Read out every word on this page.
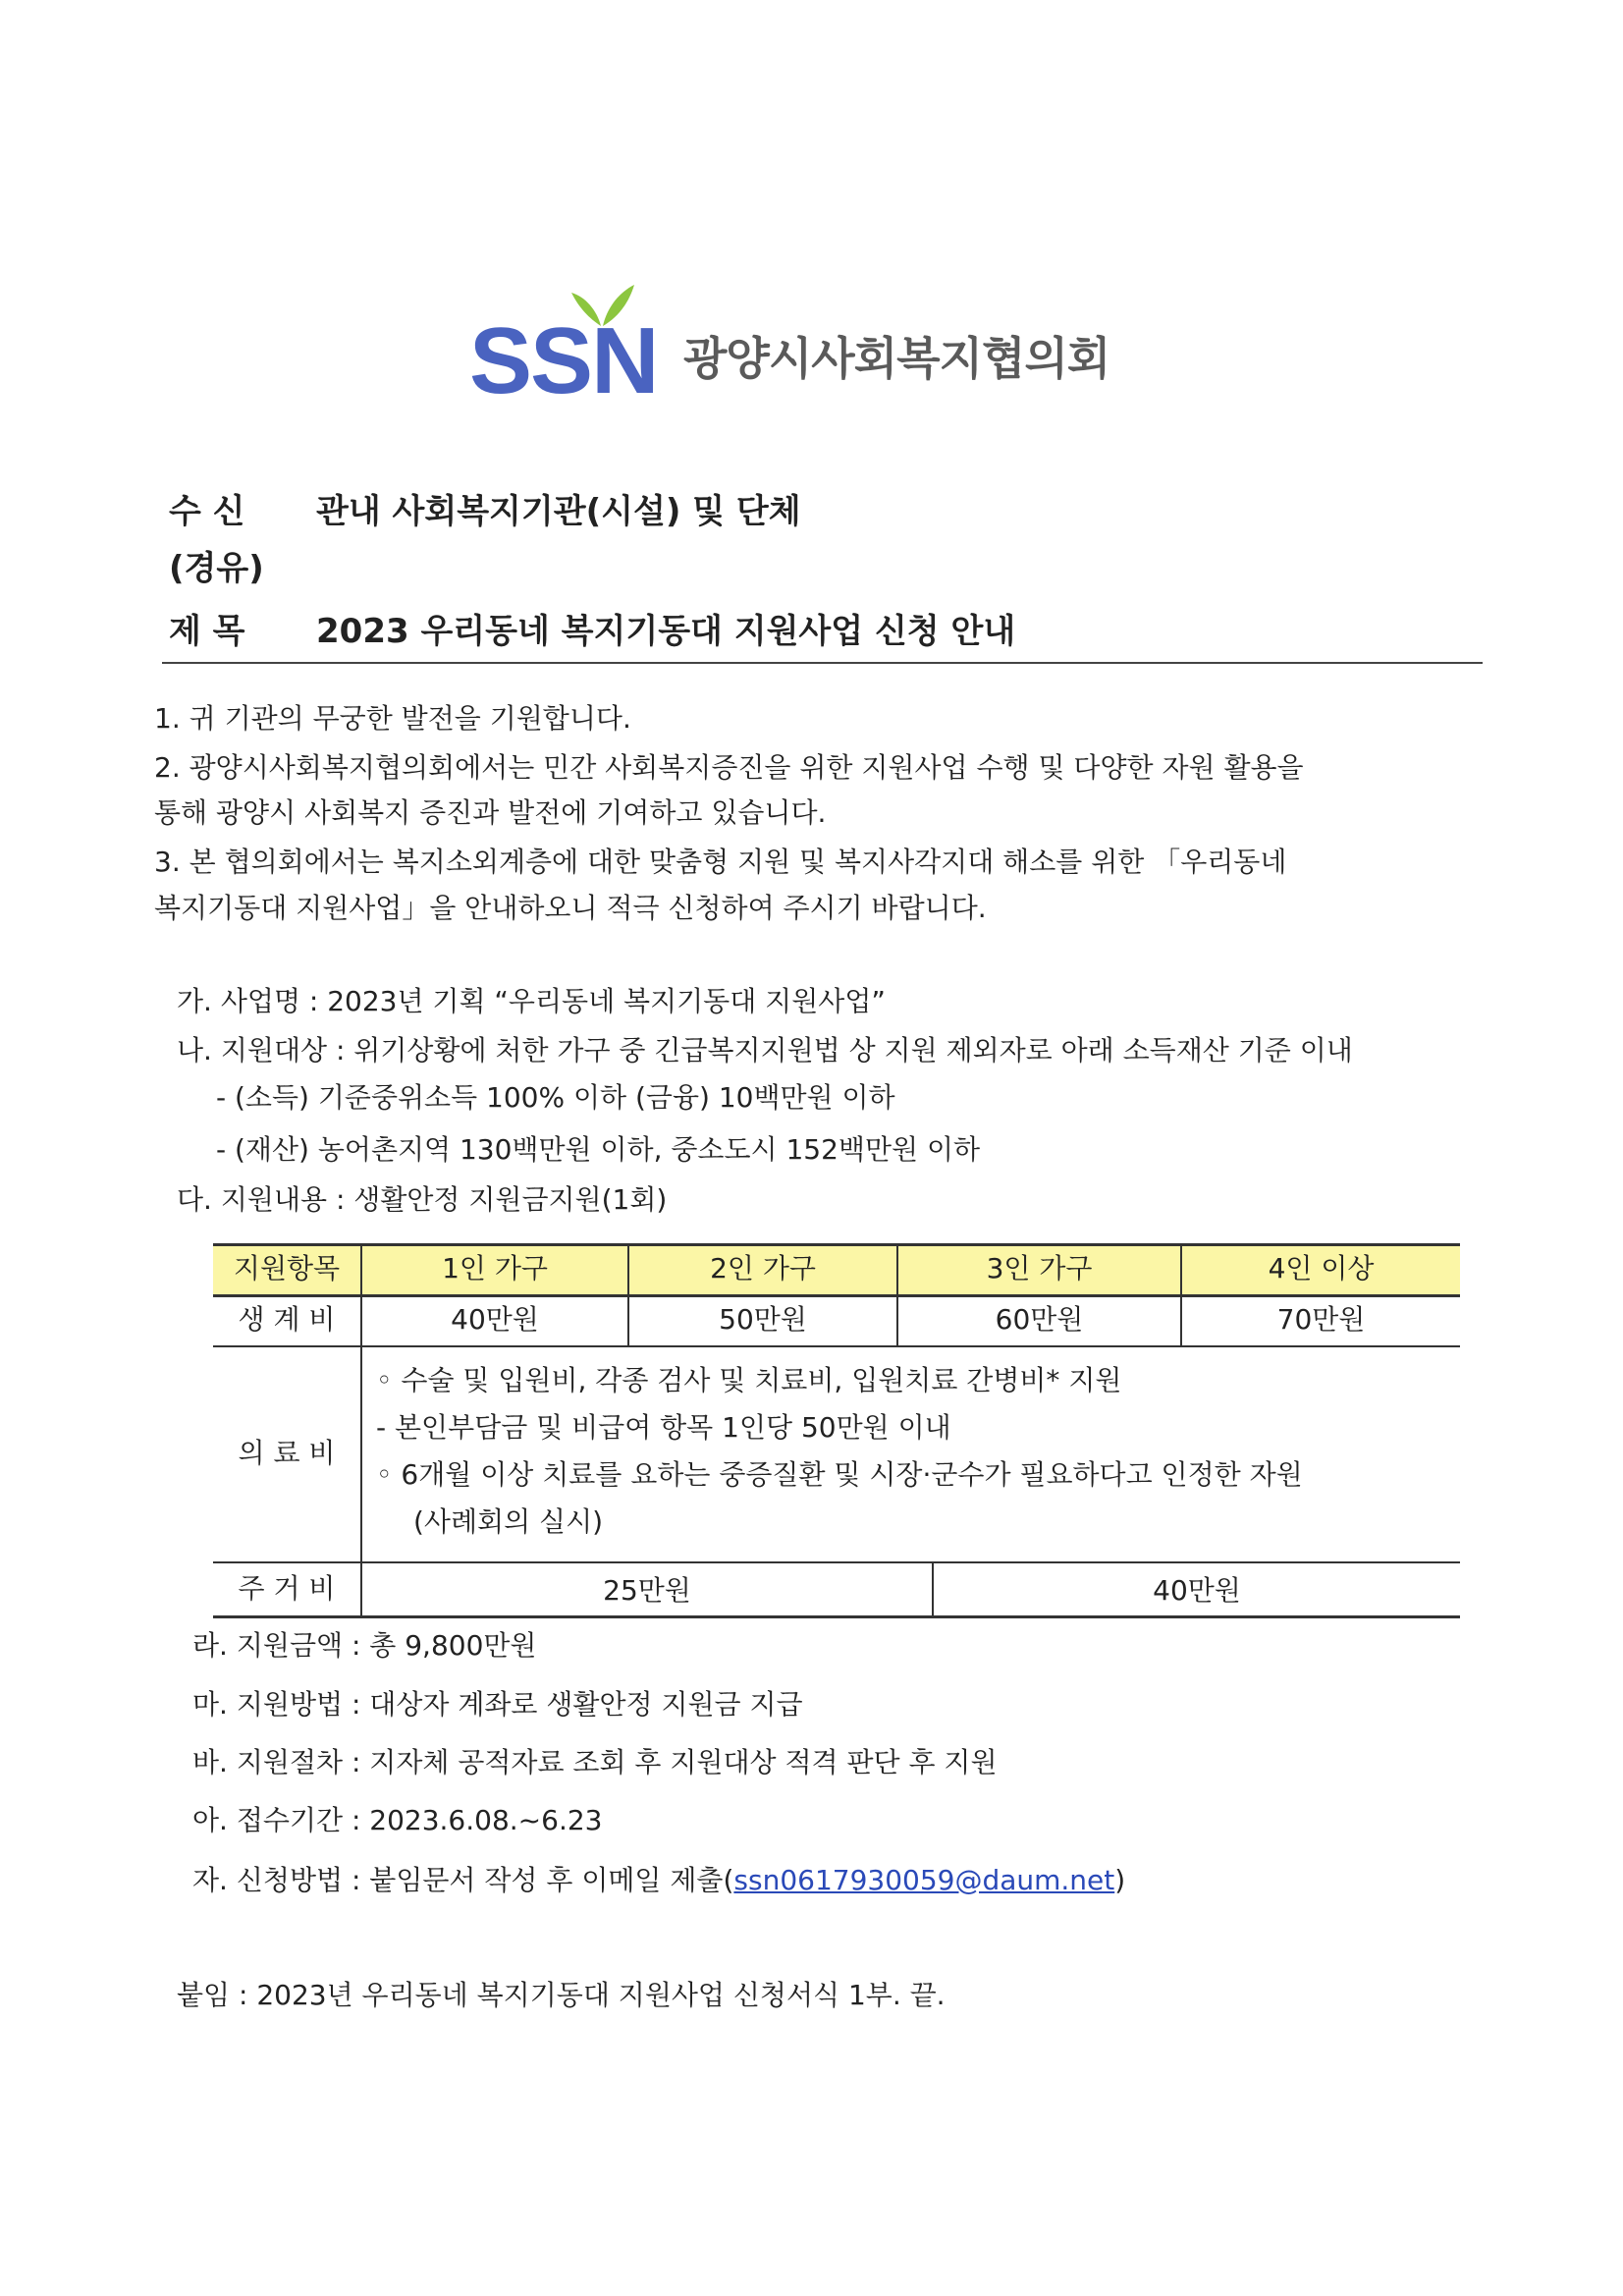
SSN 광양시사회복지협의회
수 신 관내 사회복지기관(시설) 및 단체
(경유)
제 목 2023 우리동네 복지기동대 지원사업 신청 안내
1. 귀 기관의 무궁한 발전을 기원합니다.
2. 광양시사회복지협의회에서는 민간 사회복지증진을 위한 지원사업 수행 및 다양한 자원 활용을
통해 광양시 사회복지 증진과 발전에 기여하고 있습니다.
3. 본 협의회에서는 복지소외계층에 대한 맞춤형 지원 및 복지사각지대 해소를 위한 「우리동네
복지기동대 지원사업」을 안내하오니 적극 신청하여 주시기 바랍니다.
가. 사업명 : 2023년 기획 “우리동네 복지기동대 지원사업”
나. 지원대상 : 위기상황에 처한 가구 중 긴급복지지원법 상 지원 제외자로 아래 소득재산 기준 이내
- (소득) 기준중위소득 100% 이하 (금융) 10백만원 이하
- (재산) 농어촌지역 130백만원 이하, 중소도시 152백만원 이하
다. 지원내용 : 생활안정 지원금지원(1회)
지원항목	1인 가구	2인 가구	3인 가구	4인 이상
생 계 비	40만원	50만원	60만원	70만원
의 료 비
◦ 수술 및 입원비, 각종 검사 및 치료비, 입원치료 간병비* 지원
- 본인부담금 및 비급여 항목 1인당 50만원 이내
◦ 6개월 이상 치료를 요하는 중증질환 및 시장·군수가 필요하다고 인정한 자원
(사례회의 실시)
주 거 비	25만원	40만원
라. 지원금액 : 총 9,800만원
마. 지원방법 : 대상자 계좌로 생활안정 지원금 지급
바. 지원절차 : 지자체 공적자료 조회 후 지원대상 적격 판단 후 지원
아. 접수기간 : 2023.6.08.~6.23
자. 신청방법 : 붙임문서 작성 후 이메일 제출(ssn0617930059@daum.net)
붙임 : 2023년 우리동네 복지기동대 지원사업 신청서식 1부. 끝.
